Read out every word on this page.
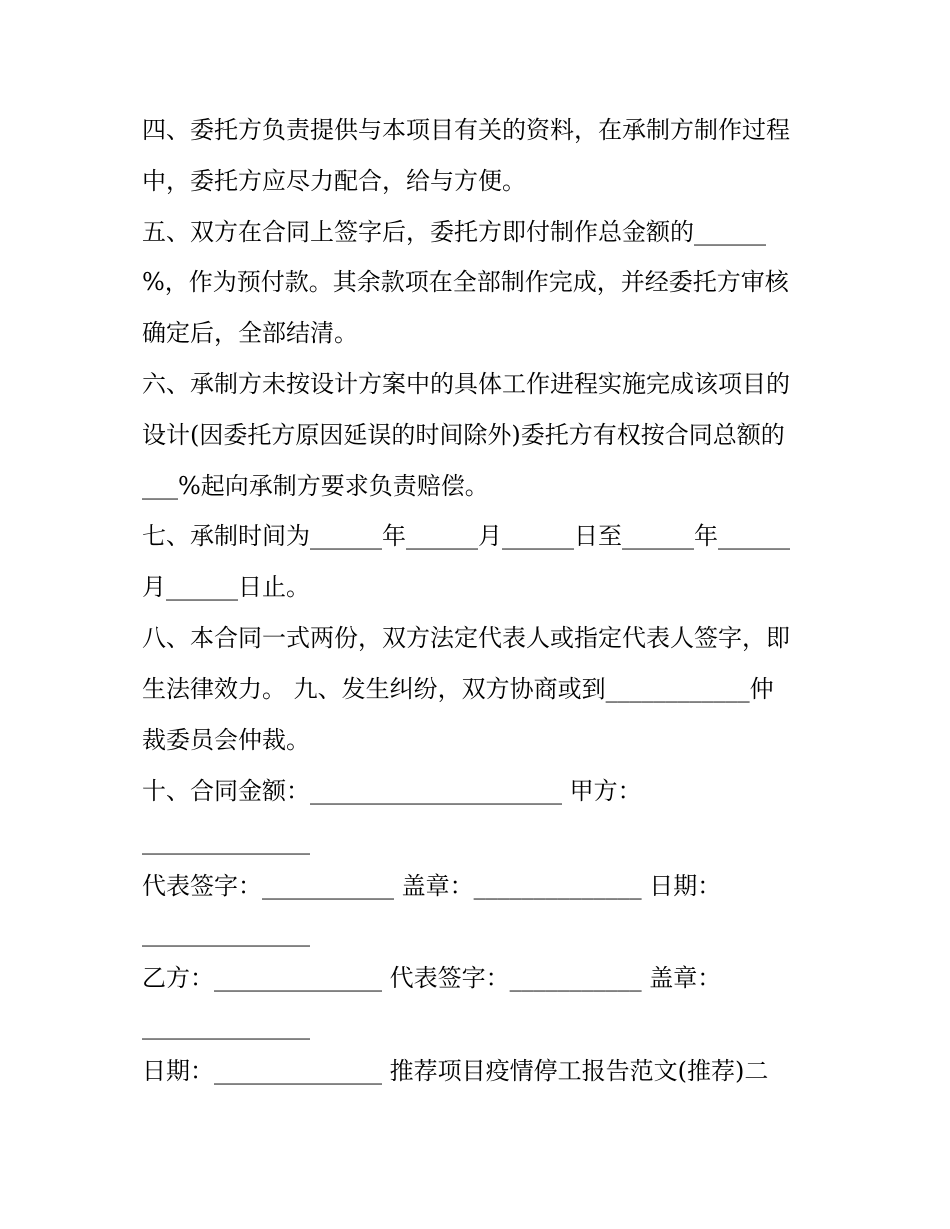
四、委托方负责提供与本项目有关的资料，在承制方制作过程
中，委托方应尽力配合，给与方便。
五、双方在合同上签字后，委托方即付制作总金额的______
%，作为预付款。其余款项在全部制作完成，并经委托方审核
确定后，全部结清。
六、承制方未按设计方案中的具体工作进程实施完成该项目的
设计(因委托方原因延误的时间除外)委托方有权按合同总额的
___%起向承制方要求负责赔偿。
七、承制时间为______年______月______日至______年______
月______日止。
八、本合同一式两份，双方法定代表人或指定代表人签字，即
生法律效力。 九、发生纠纷，双方协商或到____________仲
裁委员会仲裁。
十、合同金额：_____________________ 甲方：
______________
代表签字：___________ 盖章：______________ 日期：
______________
乙方：______________ 代表签字：___________ 盖章：
______________
日期：______________ 推荐项目疫情停工报告范文(推荐)二
